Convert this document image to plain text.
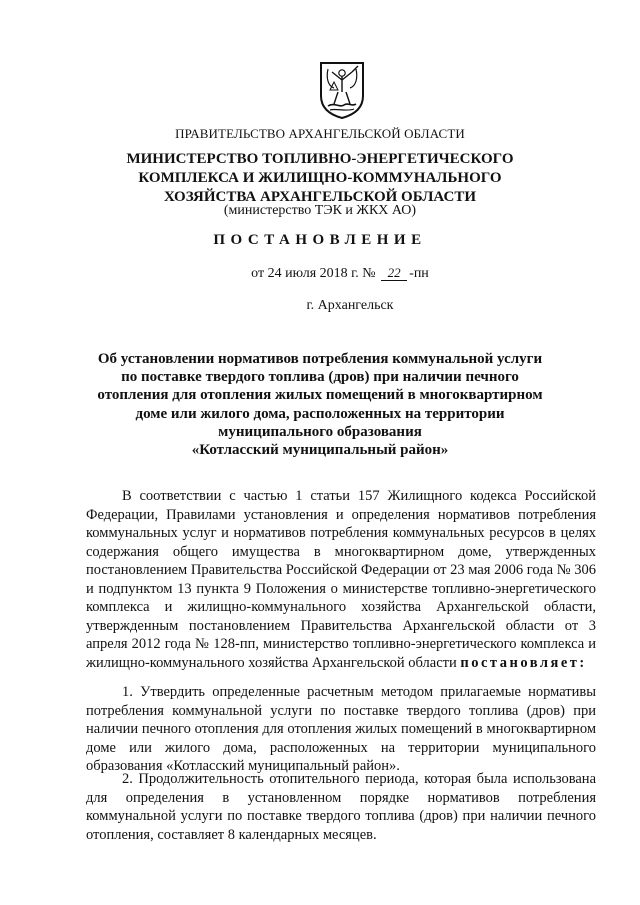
ПРАВИТЕЛЬСТВО АРХАНГЕЛЬСКОЙ ОБЛАСТИ
МИНИСТЕРСТВО ТОПЛИВНО-ЭНЕРГЕТИЧЕСКОГО
КОМПЛЕКСА И ЖИЛИЩНО-КОММУНАЛЬНОГО
ХОЗЯЙСТВА АРХАНГЕЛЬСКОЙ ОБЛАСТИ
(министерство ТЭК и ЖКХ АО)
ПОСТАНОВЛЕНИЕ
от 24 июля 2018 г. № 22 -пн
г. Архангельск
Об установлении нормативов потребления коммунальной услуги
по поставке твердого топлива (дров) при наличии печного
отопления для отопления жилых помещений в многоквартирном
доме или жилого дома, расположенных на территории
муниципального образования
«Котласский муниципальный район»

В соответствии с частью 1 статьи 157 Жилищного кодекса Российской Федерации, Правилами установления и определения нормативов потребления коммунальных услуг и нормативов потребления коммунальных ресурсов в целях содержания общего имущества в многоквартирном доме, утвержденных постановлением Правительства Российской Федерации от 23 мая 2006 года № 306 и подпунктом 13 пункта 9 Положения о министерстве топливно-энергетического комплекса и жилищно-коммунального хозяйства Архангельской области, утвержденным постановлением Правительства Архангельской области от 3 апреля 2012 года № 128-пп, министерство топливно-энергетического комплекса и жилищно-коммунального хозяйства Архангельской области постановляет:

1. Утвердить определенные расчетным методом прилагаемые нормативы потребления коммунальной услуги по поставке твердого топлива (дров) при наличии печного отопления для отопления жилых помещений в многоквартирном доме или жилого дома, расположенных на территории муниципального образования «Котласский муниципальный район».

2. Продолжительность отопительного периода, которая была использована для определения в установленном порядке нормативов потребления коммунальной услуги по поставке твердого топлива (дров) при наличии печного отопления, составляет 8 календарных месяцев.
